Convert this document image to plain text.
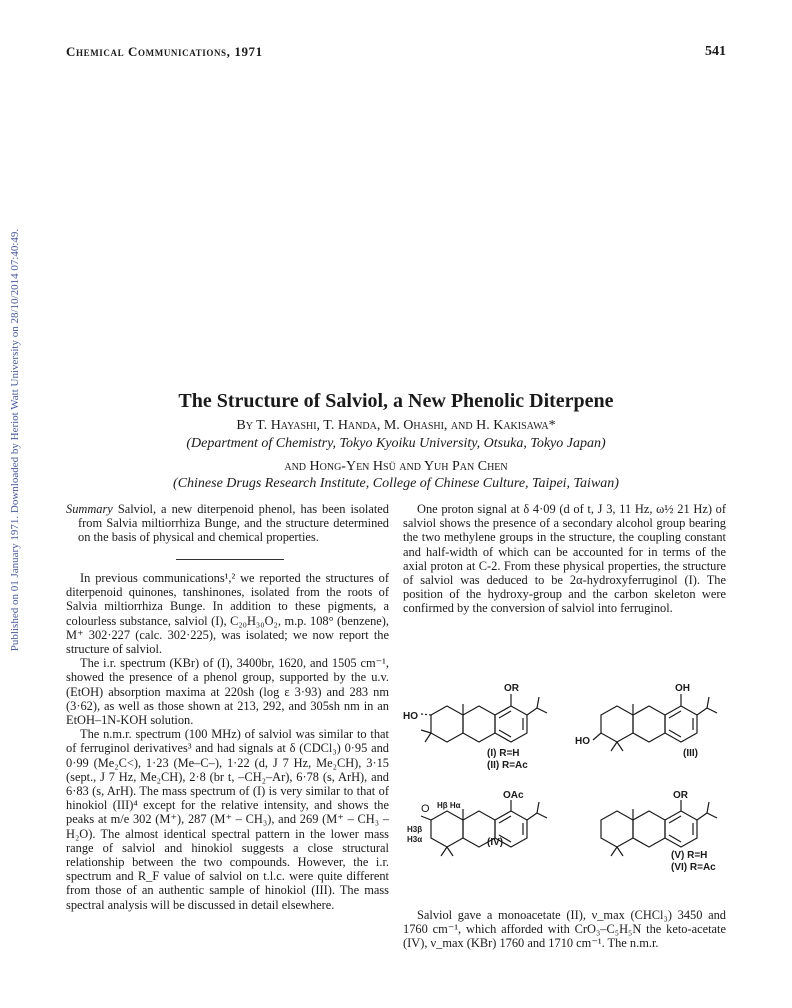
Published on 01 January 1971. Downloaded by Heriot Watt University on 28/10/2014 07:40:49.
Chemical Communications, 1971	541
The Structure of Salviol, a New Phenolic Diterpene
By T. Hayashi, T. Handa, M. Ohashi, and H. Kakisawa*
(Department of Chemistry, Tokyo Kyoiku University, Otsuka, Tokyo Japan)
and Hong-Yen Hsü and Yuh Pan Chen
(Chinese Drugs Research Institute, College of Chinese Culture, Taipei, Taiwan)

Summary Salviol, a new diterpenoid phenol, has been isolated from Salvia miltiorrhiza Bunge, and the structure determined on the basis of physical and chemical properties.

In previous communications¹,² we reported the structures of diterpenoid quinones, tanshinones, isolated from the roots of Salvia miltiorrhiza Bunge. In addition to these pigments, a colourless substance, salviol (I), C₂₀H₃₀O₂, m.p. 108° (benzene), M⁺ 302·227 (calc. 302·225), was isolated; we now report the structure of salviol.

The i.r. spectrum (KBr) of (I), 3400br, 1620, and 1505 cm⁻¹, showed the presence of a phenol group, supported by the u.v. (EtOH) absorption maxima at 220sh (log ε 3·93) and 283 nm (3·62), as well as those shown at 213, 292, and 305sh nm in an EtOH–1N-KOH solution.

The n.m.r. spectrum (100 MHz) of salviol was similar to that of ferruginol derivatives³ and had signals at δ (CDCl₃) 0·95 and 0·99 (Me₂C<), 1·23 (Me–C–), 1·22 (d, J 7 Hz, Me₂CH), 3·15 (sept., J 7 Hz, Me₂CH), 2·8 (br t, –CH₂–Ar), 6·78 (s, ArH), and 6·83 (s, ArH). The mass spectrum of (I) is very similar to that of hinokiol (III)⁴ except for the relative intensity, and shows the peaks at m/e 302 (M⁺), 287 (M⁺ – CH₃), and 269 (M⁺ – CH₃ – H₂O). The almost identical spectral pattern in the lower mass range of salviol and hinokiol suggests a close structural relationship between the two compounds. However, the i.r. spectrum and R_F value of salviol on t.l.c. were quite different from those of an authentic sample of hinokiol (III). The mass spectral analysis will be discussed in detail elsewhere.

One proton signal at δ 4·09 (d of t, J 3, 11 Hz, ω½ 21 Hz) of salviol shows the presence of a secondary alcohol group bearing the two methylene groups in the structure, the coupling constant and half-width of which can be accounted for in terms of the axial proton at C-2. From these physical properties, the structure of salviol was deduced to be 2α-hydroxyferruginol (I). The position of the hydroxy-group and the carbon skeleton were confirmed by the conversion of salviol into ferruginol.

OR
HO
(I) R=H
(II) R=Ac
OH
HO
(III)
OAc
Hβ Hα
H3β
H3α	(IV)
OR
(V) R=H
(VI) R=Ac
O

Salviol gave a monoacetate (II), ν_max (CHCl₃) 3450 and 1760 cm⁻¹, which afforded with CrO₃–C₅H₅N the keto-acetate (IV), ν_max (KBr) 1760 and 1710 cm⁻¹. The n.m.r.
